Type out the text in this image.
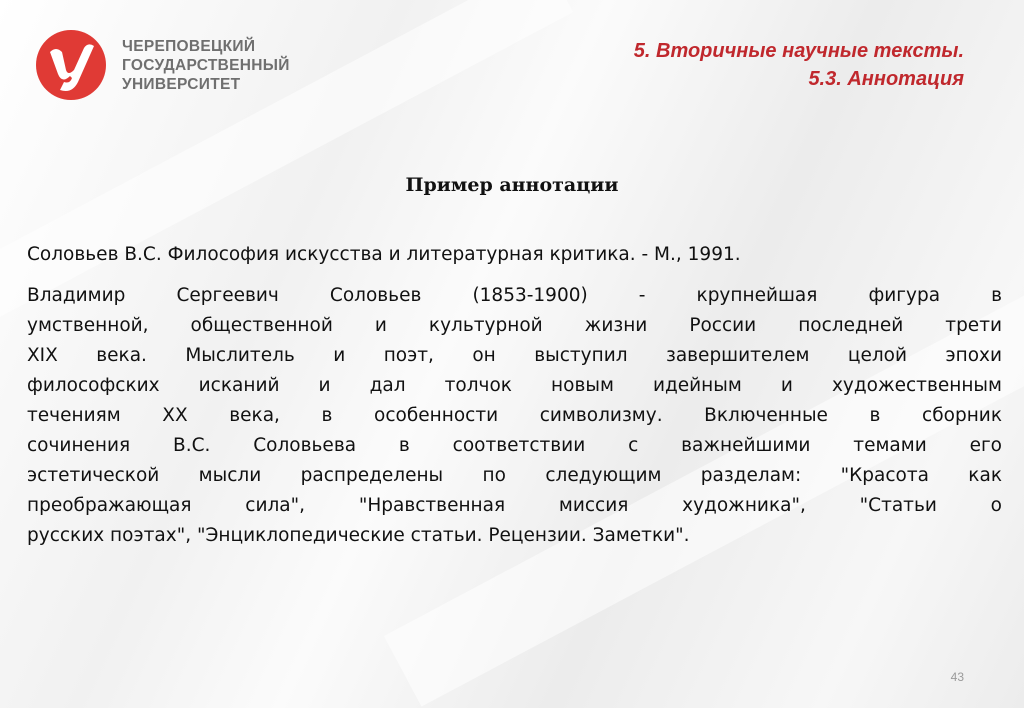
ЧЕРЕПОВЕЦКИЙ
ГОСУДАРСТВЕННЫЙ
УНИВЕРСИТЕТ
5. Вторичные научные тексты.
5.3. Аннотация
Пример аннотации
Соловьев В.С. Философия искусства и литературная критика. - М., 1991.
Владимир Сергеевич Соловьев (1853-1900) - крупнейшая фигура в
умственной, общественной и культурной жизни России последней трети
XIX века. Мыслитель и поэт, он выступил завершителем целой эпохи
философских исканий и дал толчок новым идейным и художественным
течениям XX века, в особенности символизму. Включенные в сборник
сочинения В.С. Соловьева в соответствии с важнейшими темами его
эстетической мысли распределены по следующим разделам: "Красота как
преображающая сила", "Нравственная миссия художника", "Статьи о
русских поэтах", "Энциклопедические статьи. Рецензии. Заметки".
43
